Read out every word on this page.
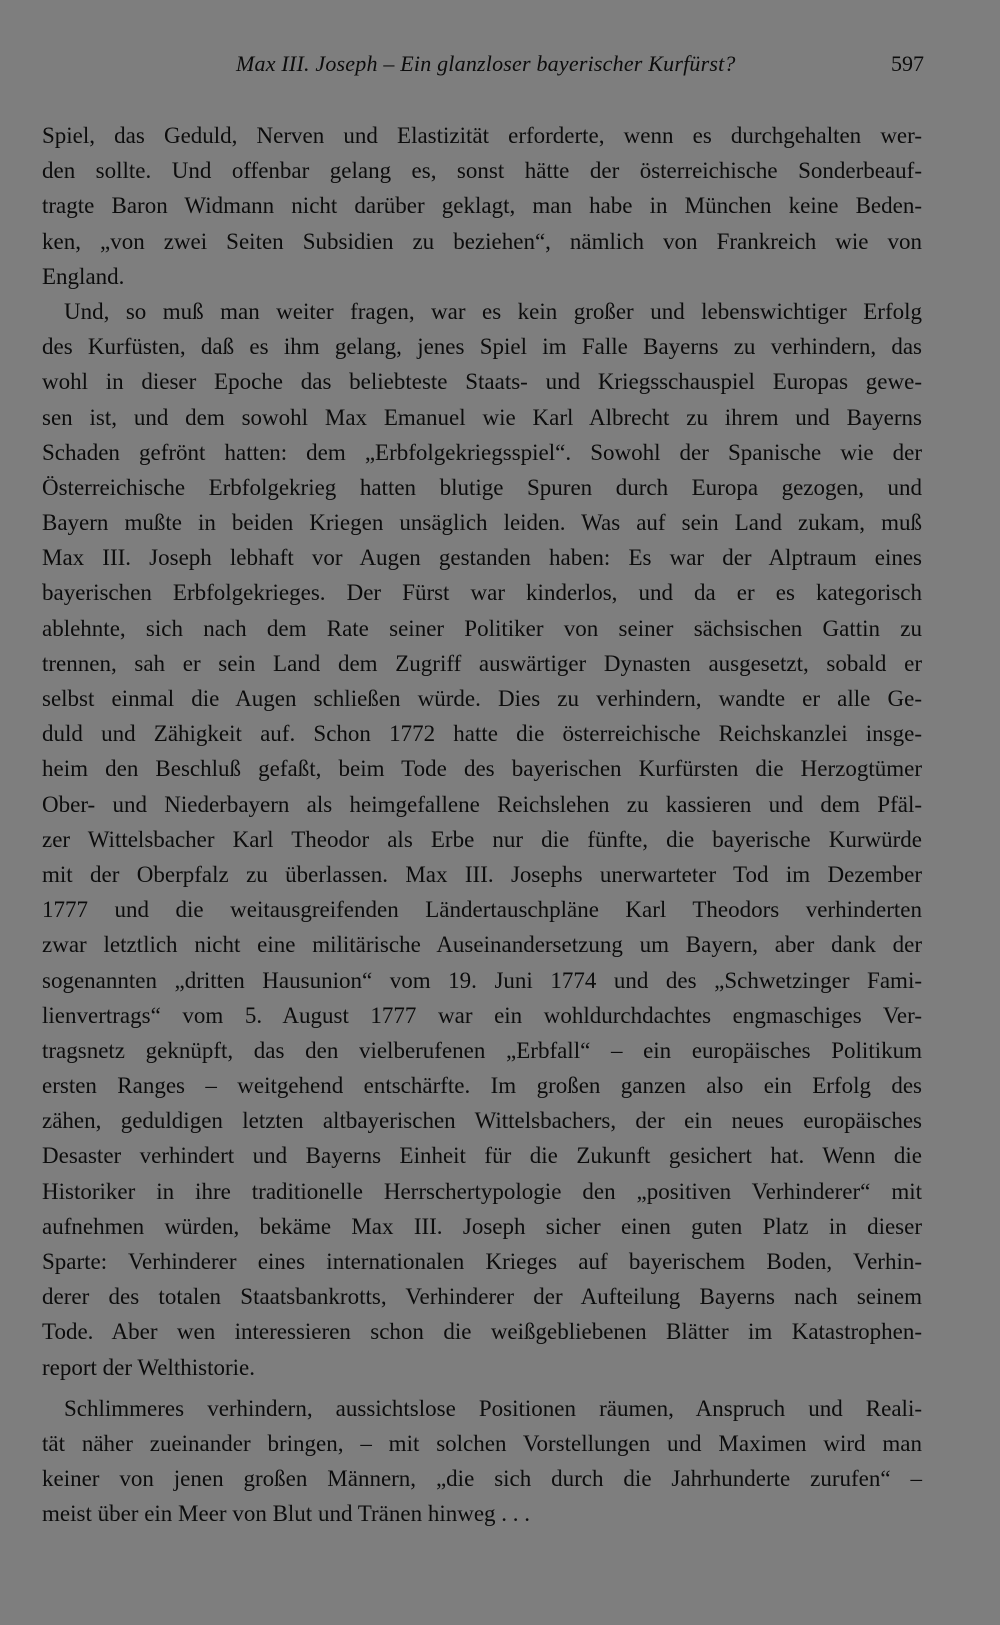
Max III. Joseph – Ein glanzloser bayerischer Kurfürst?	597
Spiel, das Geduld, Nerven und Elastizität erforderte, wenn es durchgehalten wer-
den sollte. Und offenbar gelang es, sonst hätte der österreichische Sonderbeauf-
tragte Baron Widmann nicht darüber geklagt, man habe in München keine Beden-
ken, „von zwei Seiten Subsidien zu beziehen“, nämlich von Frankreich wie von
England.
Und, so muß man weiter fragen, war es kein großer und lebenswichtiger Erfolg
des Kurfüsten, daß es ihm gelang, jenes Spiel im Falle Bayerns zu verhindern, das
wohl in dieser Epoche das beliebteste Staats- und Kriegsschauspiel Europas gewe-
sen ist, und dem sowohl Max Emanuel wie Karl Albrecht zu ihrem und Bayerns
Schaden gefrönt hatten: dem „Erbfolgekriegsspiel“. Sowohl der Spanische wie der
Österreichische Erbfolgekrieg hatten blutige Spuren durch Europa gezogen, und
Bayern mußte in beiden Kriegen unsäglich leiden. Was auf sein Land zukam, muß
Max III. Joseph lebhaft vor Augen gestanden haben: Es war der Alptraum eines
bayerischen Erbfolgekrieges. Der Fürst war kinderlos, und da er es kategorisch
ablehnte, sich nach dem Rate seiner Politiker von seiner sächsischen Gattin zu
trennen, sah er sein Land dem Zugriff auswärtiger Dynasten ausgesetzt, sobald er
selbst einmal die Augen schließen würde. Dies zu verhindern, wandte er alle Ge-
duld und Zähigkeit auf. Schon 1772 hatte die österreichische Reichskanzlei insge-
heim den Beschluß gefaßt, beim Tode des bayerischen Kurfürsten die Herzogtümer
Ober- und Niederbayern als heimgefallene Reichslehen zu kassieren und dem Pfäl-
zer Wittelsbacher Karl Theodor als Erbe nur die fünfte, die bayerische Kurwürde
mit der Oberpfalz zu überlassen. Max III. Josephs unerwarteter Tod im Dezember
1777 und die weitausgreifenden Ländertauschpläne Karl Theodors verhinderten
zwar letztlich nicht eine militärische Auseinandersetzung um Bayern, aber dank der
sogenannten „dritten Hausunion“ vom 19. Juni 1774 und des „Schwetzinger Fami-
lienvertrags“ vom 5. August 1777 war ein wohldurchdachtes engmaschiges Ver-
tragsnetz geknüpft, das den vielberufenen „Erbfall“ – ein europäisches Politikum
ersten Ranges – weitgehend entschärfte. Im großen ganzen also ein Erfolg des
zähen, geduldigen letzten altbayerischen Wittelsbachers, der ein neues europäisches
Desaster verhindert und Bayerns Einheit für die Zukunft gesichert hat. Wenn die
Historiker in ihre traditionelle Herrschertypologie den „positiven Verhinderer“ mit
aufnehmen würden, bekäme Max III. Joseph sicher einen guten Platz in dieser
Sparte: Verhinderer eines internationalen Krieges auf bayerischem Boden, Verhin-
derer des totalen Staatsbankrotts, Verhinderer der Aufteilung Bayerns nach seinem
Tode. Aber wen interessieren schon die weißgebliebenen Blätter im Katastrophen-
report der Welthistorie.
Schlimmeres verhindern, aussichtslose Positionen räumen, Anspruch und Reali-
tät näher zueinander bringen, – mit solchen Vorstellungen und Maximen wird man
keiner von jenen großen Männern, „die sich durch die Jahrhunderte zurufen“ –
meist über ein Meer von Blut und Tränen hinweg . . .
